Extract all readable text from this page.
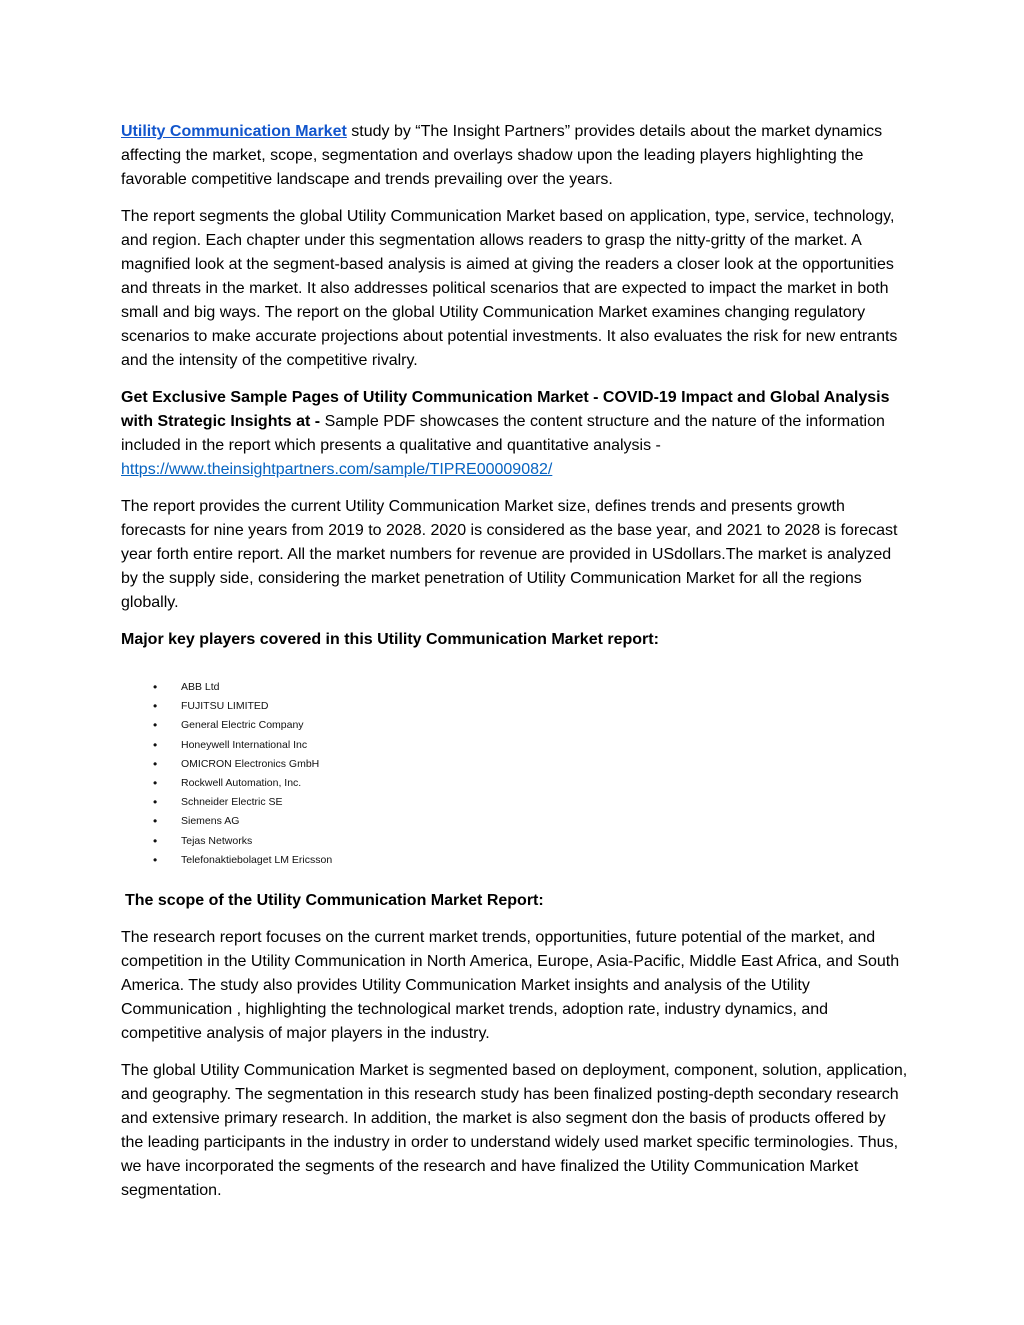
Utility Communication Market study by “The Insight Partners” provides details about the market dynamics affecting the market, scope, segmentation and overlays shadow upon the leading players highlighting the favorable competitive landscape and trends prevailing over the years.

The report segments the global Utility Communication Market based on application, type, service, technology, and region. Each chapter under this segmentation allows readers to grasp the nitty-gritty of the market. A magnified look at the segment-based analysis is aimed at giving the readers a closer look at the opportunities and threats in the market. It also addresses political scenarios that are expected to impact the market in both small and big ways. The report on the global Utility Communication Market examines changing regulatory scenarios to make accurate projections about potential investments. It also evaluates the risk for new entrants and the intensity of the competitive rivalry.

Get Exclusive Sample Pages of Utility Communication Market - COVID-19 Impact and Global Analysis with Strategic Insights at - Sample PDF showcases the content structure and the nature of the information included in the report which presents a qualitative and quantitative analysis - https://www.theinsightpartners.com/sample/TIPRE00009082/

The report provides the current Utility Communication Market size, defines trends and presents growth forecasts for nine years from 2019 to 2028. 2020 is considered as the base year, and 2021 to 2028 is forecast year forth entire report. All the market numbers for revenue are provided in USdollars.The market is analyzed by the supply side, considering the market penetration of Utility Communication Market for all the regions globally.

Major key players covered in this Utility Communication Market report:

• ABB Ltd
• FUJITSU LIMITED
• General Electric Company
• Honeywell International Inc
• OMICRON Electronics GmbH
• Rockwell Automation, Inc.
• Schneider Electric SE
• Siemens AG
• Tejas Networks
• Telefonaktiebolaget LM Ericsson

The scope of the Utility Communication Market Report:

The research report focuses on the current market trends, opportunities, future potential of the market, and competition in the Utility Communication in North America, Europe, Asia-Pacific, Middle East Africa, and South America. The study also provides Utility Communication Market insights and analysis of the Utility Communication , highlighting the technological market trends, adoption rate, industry dynamics, and competitive analysis of major players in the industry.

The global Utility Communication Market is segmented based on deployment, component, solution, application, and geography. The segmentation in this research study has been finalized posting-depth secondary research and extensive primary research. In addition, the market is also segment don the basis of products offered by the leading participants in the industry in order to understand widely used market specific terminologies. Thus, we have incorporated the segments of the research and have finalized the Utility Communication Market segmentation.
